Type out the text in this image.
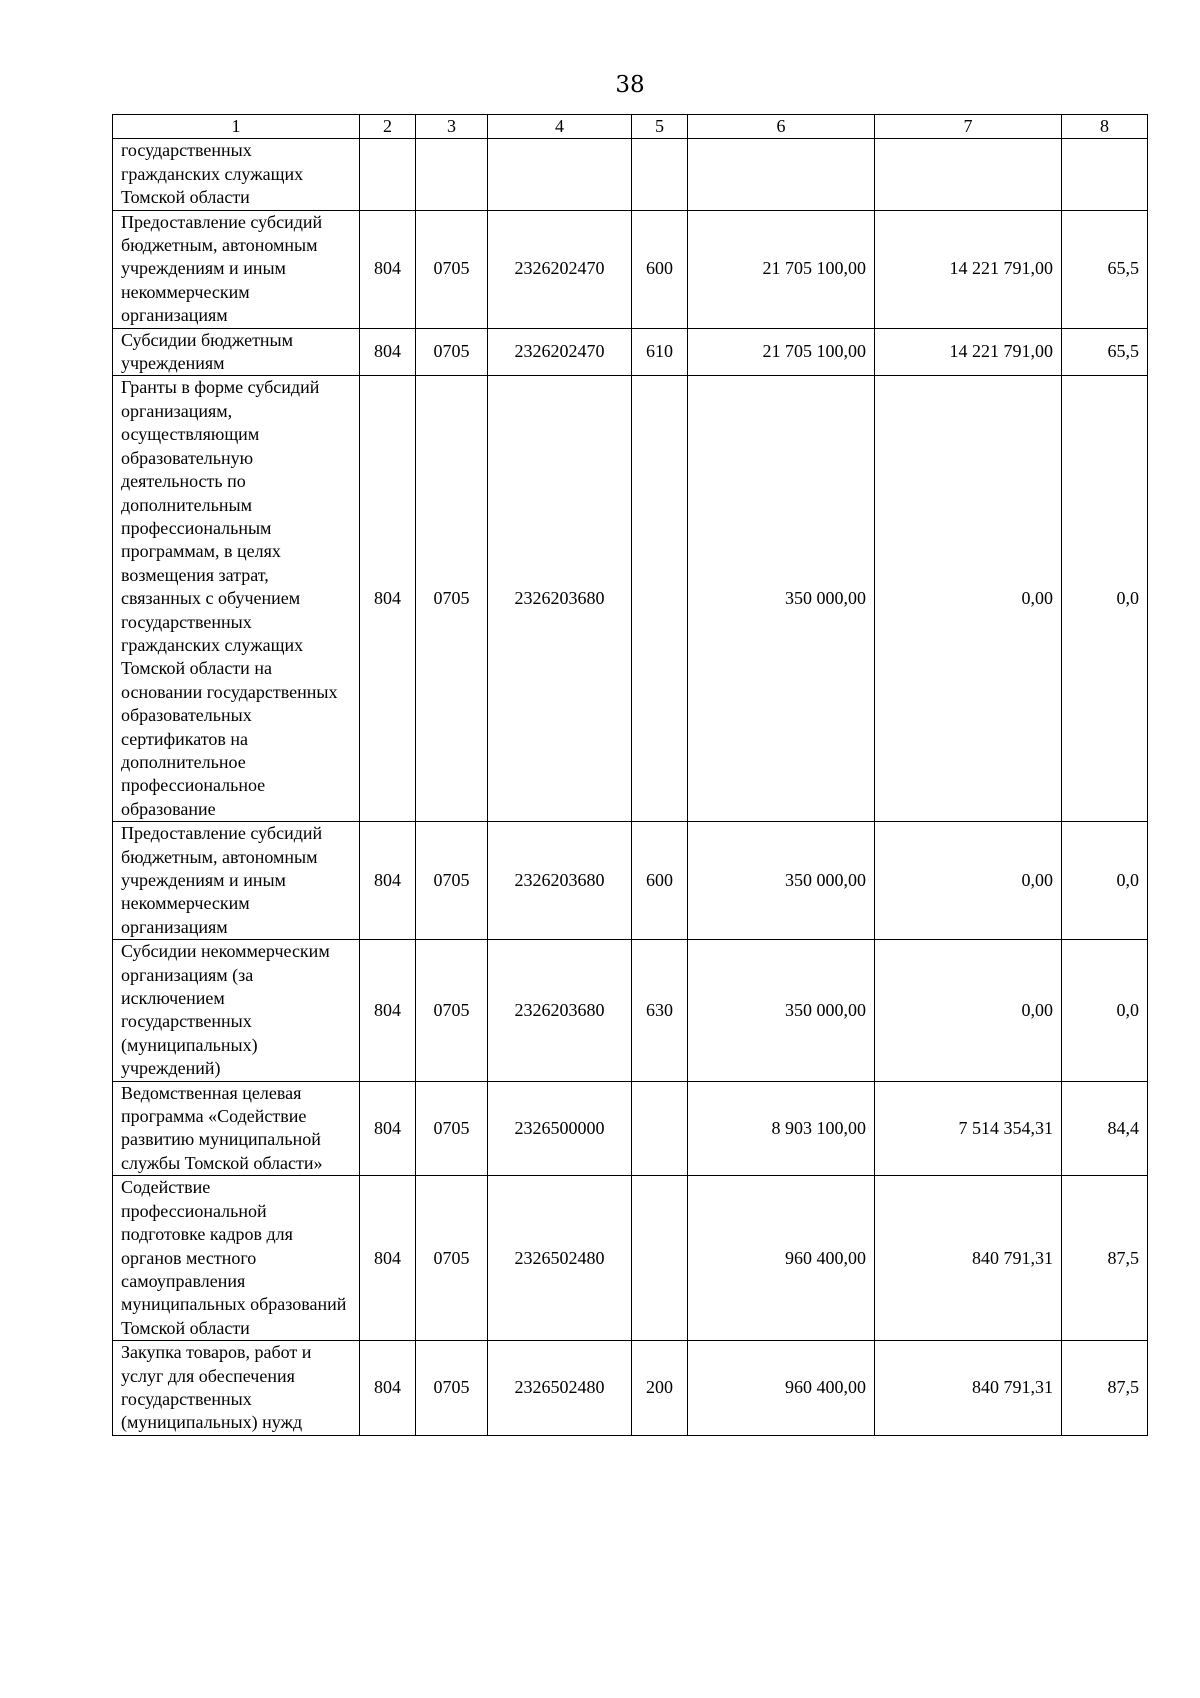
38
1	2	3	4	5	6	7	8
государственных гражданских служащих Томской области							
Предоставление субсидий бюджетным, автономным учреждениям и иным некоммерческим организациям	804	0705	2326202470	600	21 705 100,00	14 221 791,00	65,5
Субсидии бюджетным учреждениям	804	0705	2326202470	610	21 705 100,00	14 221 791,00	65,5
Гранты в форме субсидий организациям, осуществляющим образовательную деятельность по дополнительным профессиональным программам, в целях возмещения затрат, связанных с обучением государственных гражданских служащих Томской области на основании государственных образовательных сертификатов на дополнительное профессиональное образование	804	0705	2326203680		350 000,00	0,00	0,0
Предоставление субсидий бюджетным, автономным учреждениям и иным некоммерческим организациям	804	0705	2326203680	600	350 000,00	0,00	0,0
Субсидии некоммерческим организациям (за исключением государственных (муниципальных) учреждений)	804	0705	2326203680	630	350 000,00	0,00	0,0
Ведомственная целевая программа «Содействие развитию муниципальной службы Томской области»	804	0705	2326500000		8 903 100,00	7 514 354,31	84,4
Содействие профессиональной подготовке кадров для органов местного самоуправления муниципальных образований Томской области	804	0705	2326502480		960 400,00	840 791,31	87,5
Закупка товаров, работ и услуг для обеспечения государственных (муниципальных) нужд	804	0705	2326502480	200	960 400,00	840 791,31	87,5
